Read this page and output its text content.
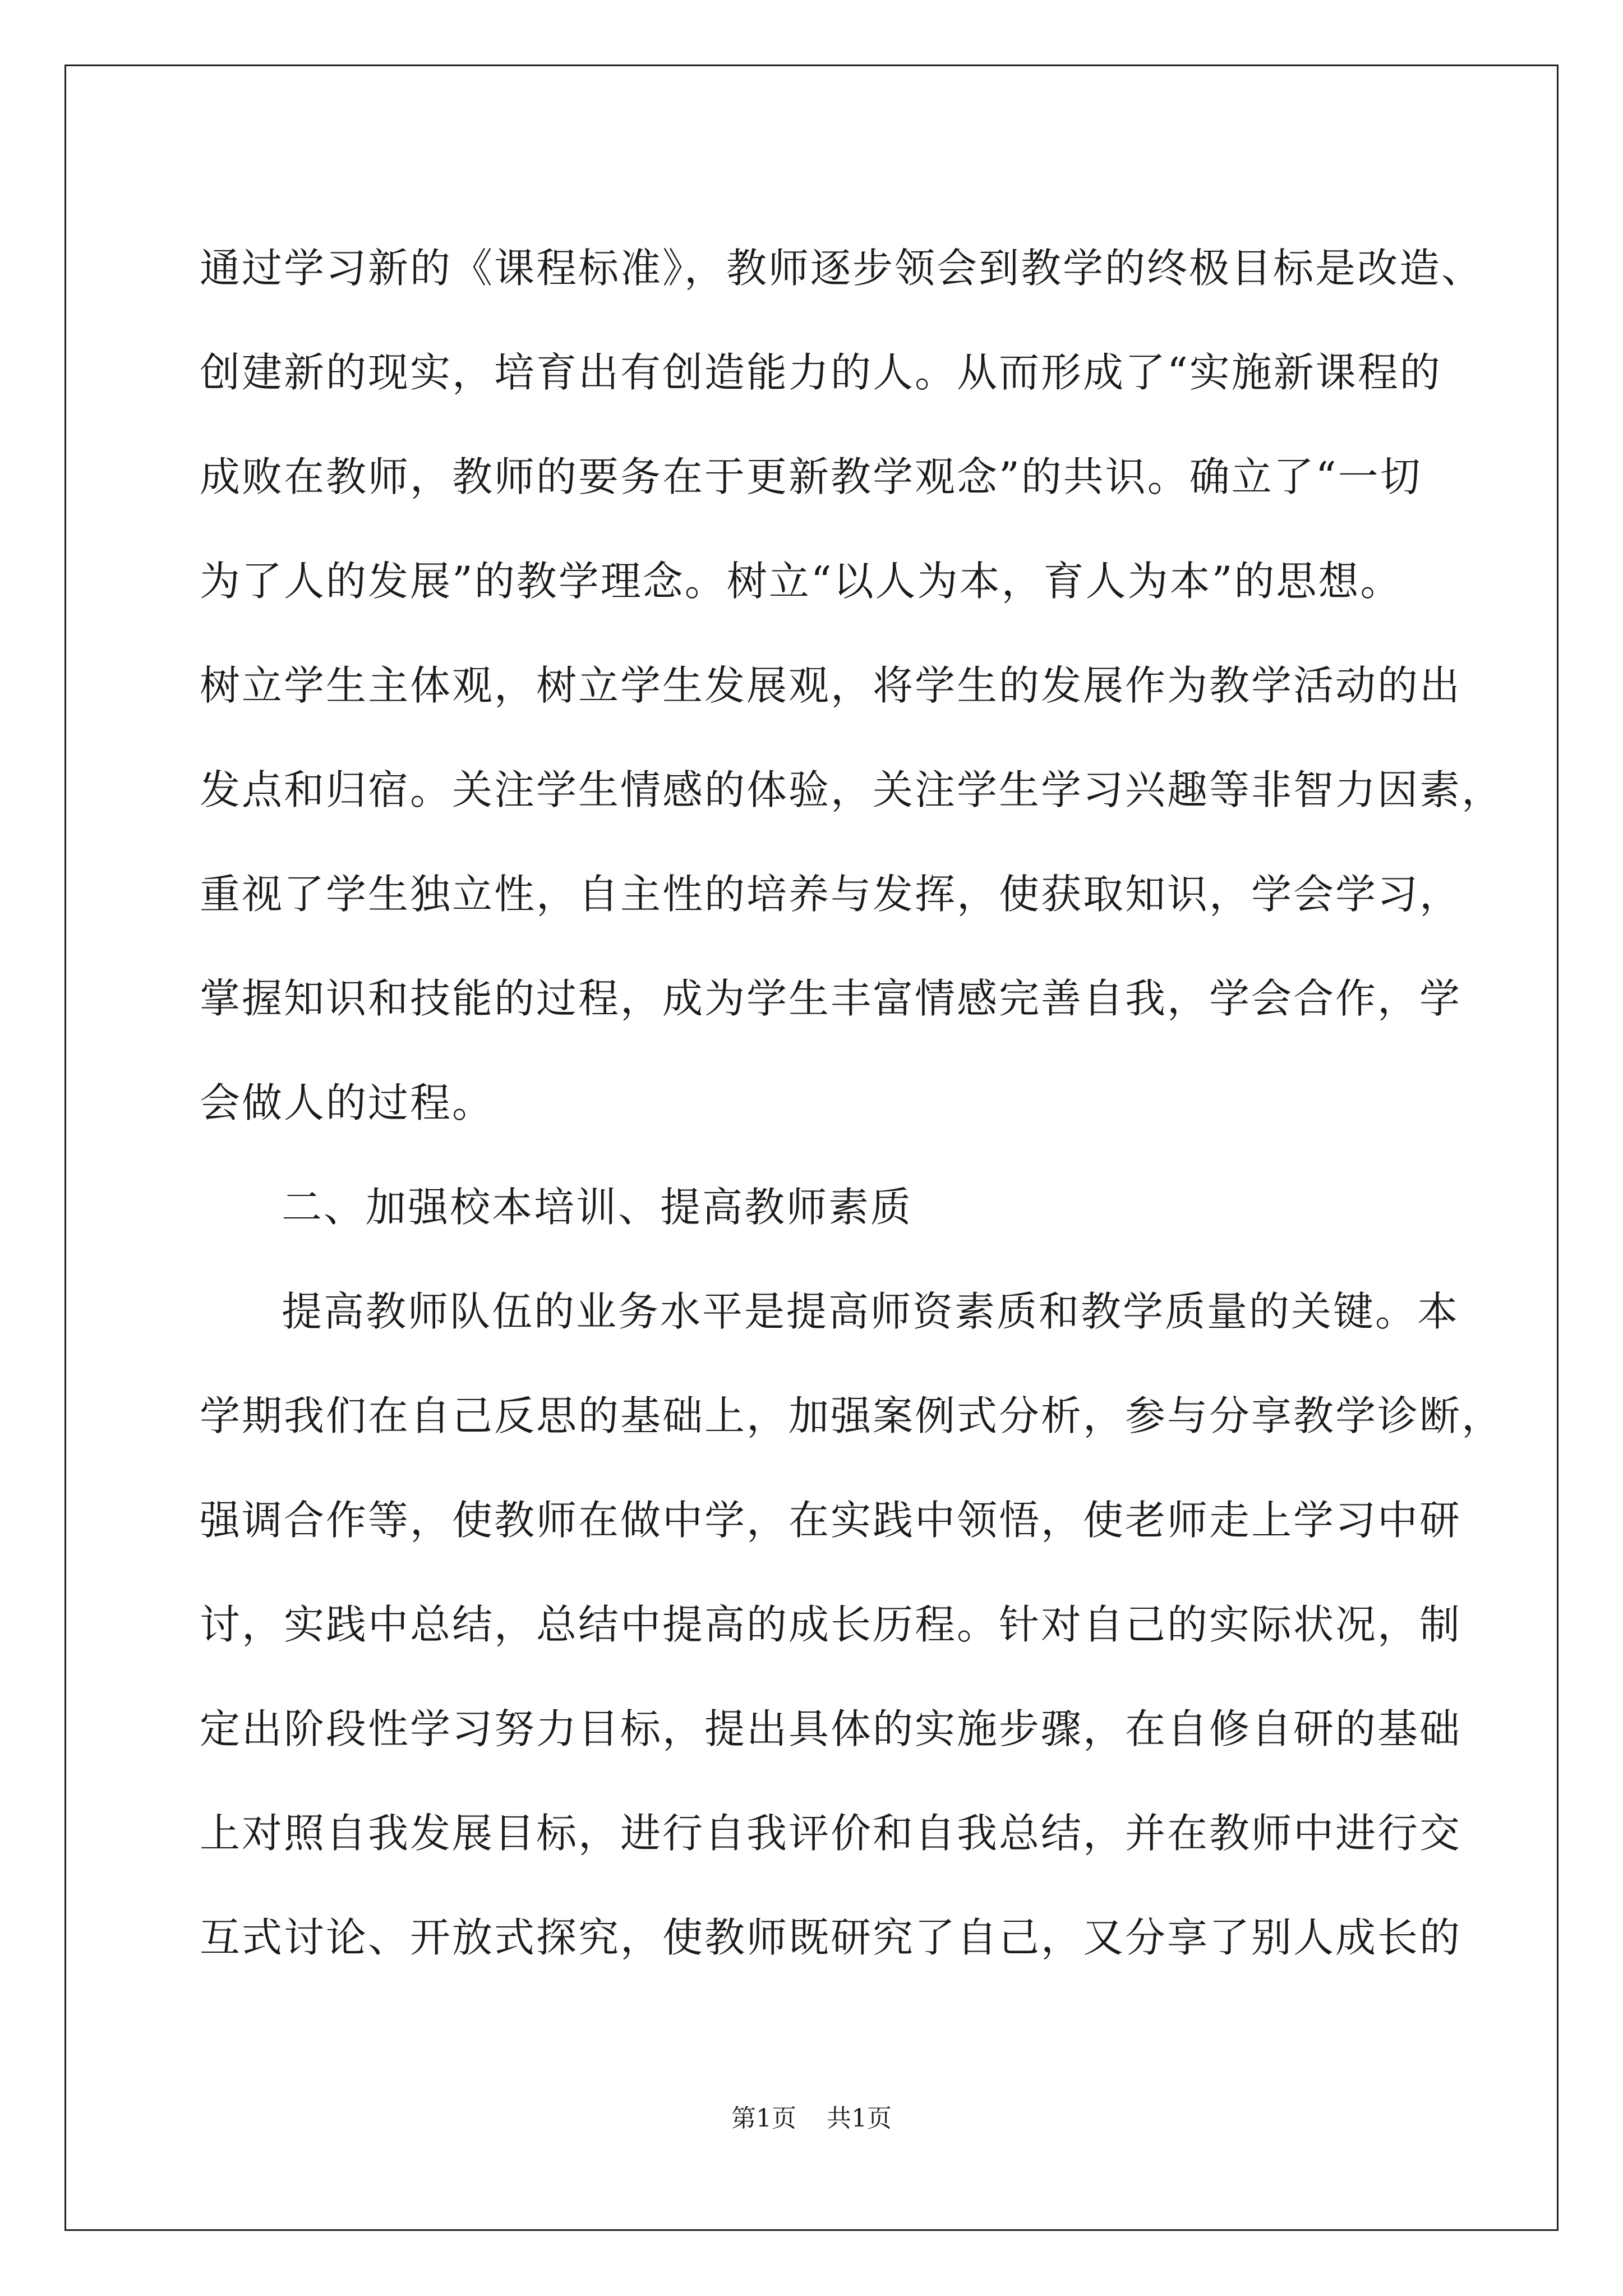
通过学习新的《课程标准》，教师逐步领会到教学的终极目标是改造、
创建新的现实，培育出有创造能力的人。从而形成了“实施新课程的
成败在教师，教师的要务在于更新教学观念”的共识。确立了“一切
为了人的发展”的教学理念。树立“以人为本，育人为本”的思想。
树立学生主体观，树立学生发展观，将学生的发展作为教学活动的出
发点和归宿。关注学生情感的体验，关注学生学习兴趣等非智力因素，
重视了学生独立性，自主性的培养与发挥，使获取知识，学会学习，
掌握知识和技能的过程，成为学生丰富情感完善自我，学会合作，学
会做人的过程。
二、加强校本培训、提高教师素质
提高教师队伍的业务水平是提高师资素质和教学质量的关键。本
学期我们在自己反思的基础上，加强案例式分析，参与分享教学诊断，
强调合作等，使教师在做中学，在实践中领悟，使老师走上学习中研
讨，实践中总结，总结中提高的成长历程。针对自己的实际状况，制
定出阶段性学习努力目标，提出具体的实施步骤，在自修自研的基础
上对照自我发展目标，进行自我评价和自我总结，并在教师中进行交
互式讨论、开放式探究，使教师既研究了自己，又分享了别人成长的
第1页 共1页
